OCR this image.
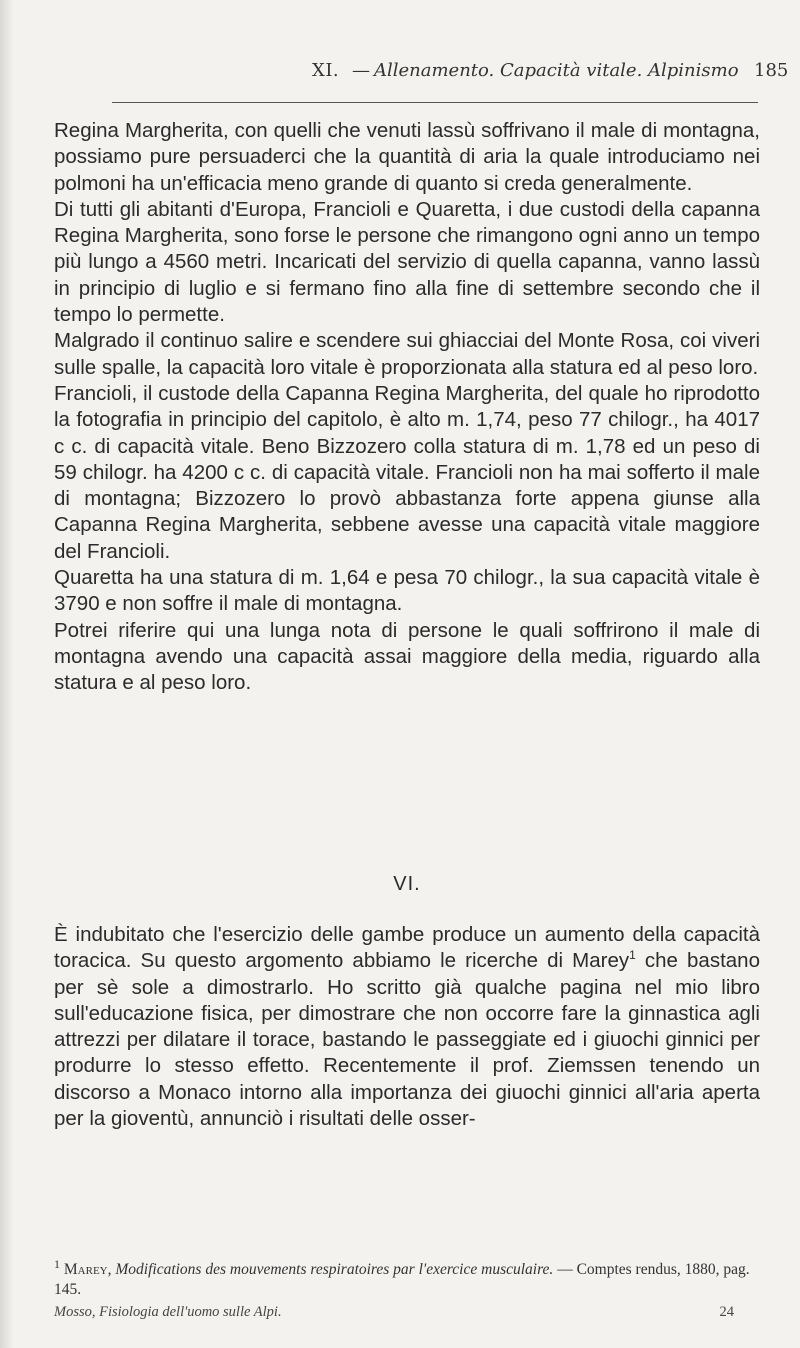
XI. — Allenamento. Capacità vitale. Alpinismo 185

Regina Margherita, con quelli che venuti lassù soffrivano il male di montagna, possiamo pure persuaderci che la quantità di aria la quale introduciamo nei polmoni ha un'efficacia meno grande di quanto si creda generalmente.

Di tutti gli abitanti d'Europa, Francioli e Quaretta, i due custodi della capanna Regina Margherita, sono forse le persone che rimangono ogni anno un tempo più lungo a 4560 metri. Incaricati del servizio di quella capanna, vanno lassù in principio di luglio e si fermano fino alla fine di settembre secondo che il tempo lo permette.

Malgrado il continuo salire e scendere sui ghiacciai del Monte Rosa, coi viveri sulle spalle, la capacità loro vitale è proporzionata alla statura ed al peso loro.

Francioli, il custode della Capanna Regina Margherita, del quale ho riprodotto la fotografia in principio del capitolo, è alto m. 1,74, peso 77 chilogr., ha 4017 c c. di capacità vitale. Beno Bizzozero colla statura di m. 1,78 ed un peso di 59 chilogr. ha 4200 c c. di capacità vitale. Francioli non ha mai sofferto il male di montagna; Bizzozero lo provò abbastanza forte appena giunse alla Capanna Regina Margherita, sebbene avesse una capacità vitale maggiore del Francioli.

Quaretta ha una statura di m. 1,64 e pesa 70 chilogr., la sua capacità vitale è 3790 e non soffre il male di montagna.

Potrei riferire qui una lunga nota di persone le quali soffrirono il male di montagna avendo una capacità assai maggiore della media, riguardo alla statura e al peso loro.

VI.

È indubitato che l'esercizio delle gambe produce un aumento della capacità toracica. Su questo argomento abbiamo le ricerche di Marey$^1$ che bastano per sè sole a dimostrarlo. Ho scritto già qualche pagina nel mio libro sull'educazione fisica, per dimostrare che non occorre fare la ginnastica agli attrezzi per dilatare il torace, bastando le passeggiate ed i giuochi ginnici per produrre lo stesso effetto. Recentemente il prof. Ziemssen tenendo un discorso a Monaco intorno alla importanza dei giuochi ginnici all'aria aperta per la gioventù, annunciò i risultati delle osser-

$^1$ Marey, Modifications des mouvements respiratoires par l'exercice musculaire. — Comptes rendus, 1880, pag. 145.
Mosso, Fisiologia dell'uomo sulle Alpi.	24
